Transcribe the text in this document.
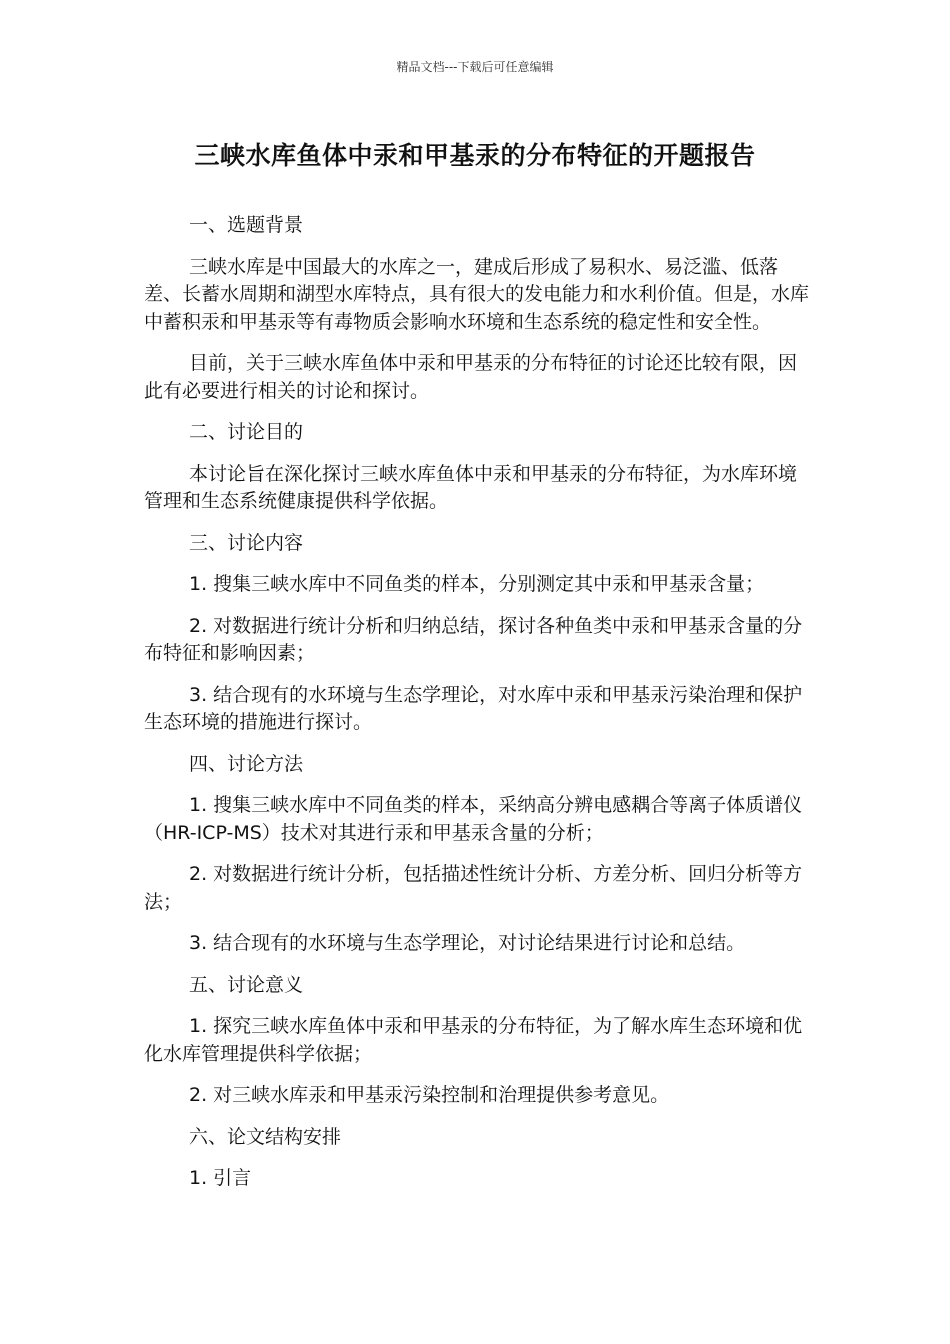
精品文档---下载后可任意编辑
三峡水库鱼体中汞和甲基汞的分布特征的开题报告

一、选题背景

三峡水库是中国最大的水库之一，建成后形成了易积水、易泛滥、低落差、长蓄水周期和湖型水库特点，具有很大的发电能力和水利价值。但是，水库中蓄积汞和甲基汞等有毒物质会影响水环境和生态系统的稳定性和安全性。

目前，关于三峡水库鱼体中汞和甲基汞的分布特征的讨论还比较有限，因此有必要进行相关的讨论和探讨。

二、讨论目的

本讨论旨在深化探讨三峡水库鱼体中汞和甲基汞的分布特征，为水库环境管理和生态系统健康提供科学依据。

三、讨论内容

1. 搜集三峡水库中不同鱼类的样本，分别测定其中汞和甲基汞含量；

2. 对数据进行统计分析和归纳总结，探讨各种鱼类中汞和甲基汞含量的分布特征和影响因素；

3. 结合现有的水环境与生态学理论，对水库中汞和甲基汞污染治理和保护生态环境的措施进行探讨。

四、讨论方法

1. 搜集三峡水库中不同鱼类的样本，采纳高分辨电感耦合等离子体质谱仪（HR-ICP-MS）技术对其进行汞和甲基汞含量的分析；

2. 对数据进行统计分析，包括描述性统计分析、方差分析、回归分析等方法；

3. 结合现有的水环境与生态学理论，对讨论结果进行讨论和总结。

五、讨论意义

1. 探究三峡水库鱼体中汞和甲基汞的分布特征，为了解水库生态环境和优化水库管理提供科学依据；

2. 对三峡水库汞和甲基汞污染控制和治理提供参考意见。

六、论文结构安排

1. 引言
